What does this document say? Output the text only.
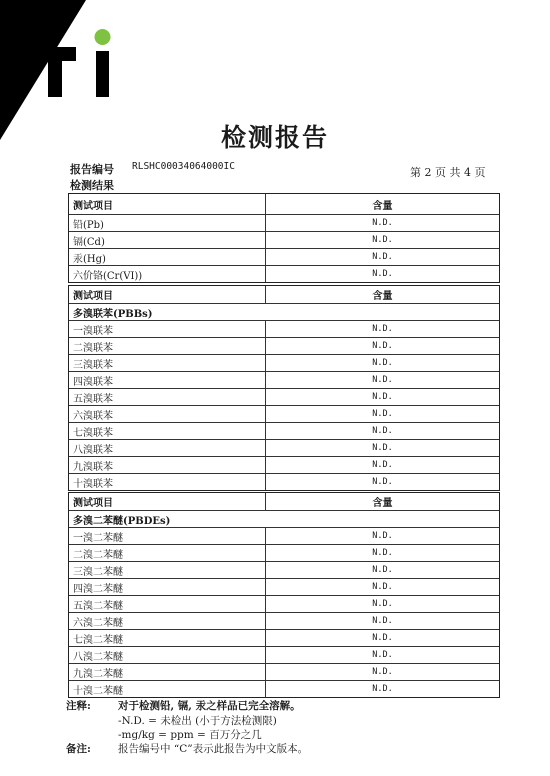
检测报告
报告编号 RLSHC00034064000IC	第 2 页 共 4 页
检测结果
测试项目	含量
铅(Pb)	N.D.
镉(Cd)	N.D.
汞(Hg)	N.D.
六价铬(Cr(VI))	N.D.
测试项目	含量
多溴联苯(PBBs)
一溴联苯	N.D.
二溴联苯	N.D.
三溴联苯	N.D.
四溴联苯	N.D.
五溴联苯	N.D.
六溴联苯	N.D.
七溴联苯	N.D.
八溴联苯	N.D.
九溴联苯	N.D.
十溴联苯	N.D.
测试项目	含量
多溴二苯醚(PBDEs)
一溴二苯醚	N.D.
二溴二苯醚	N.D.
三溴二苯醚	N.D.
四溴二苯醚	N.D.
五溴二苯醚	N.D.
六溴二苯醚	N.D.
七溴二苯醚	N.D.
八溴二苯醚	N.D.
九溴二苯醚	N.D.
十溴二苯醚	N.D.
注释:	对于检测铅, 镉, 汞之样品已完全溶解。
-N.D. = 未检出 (小于方法检测限)
-mg/kg = ppm = 百万分之几
备注:	报告编号中 “C”表示此报告为中文版本。
